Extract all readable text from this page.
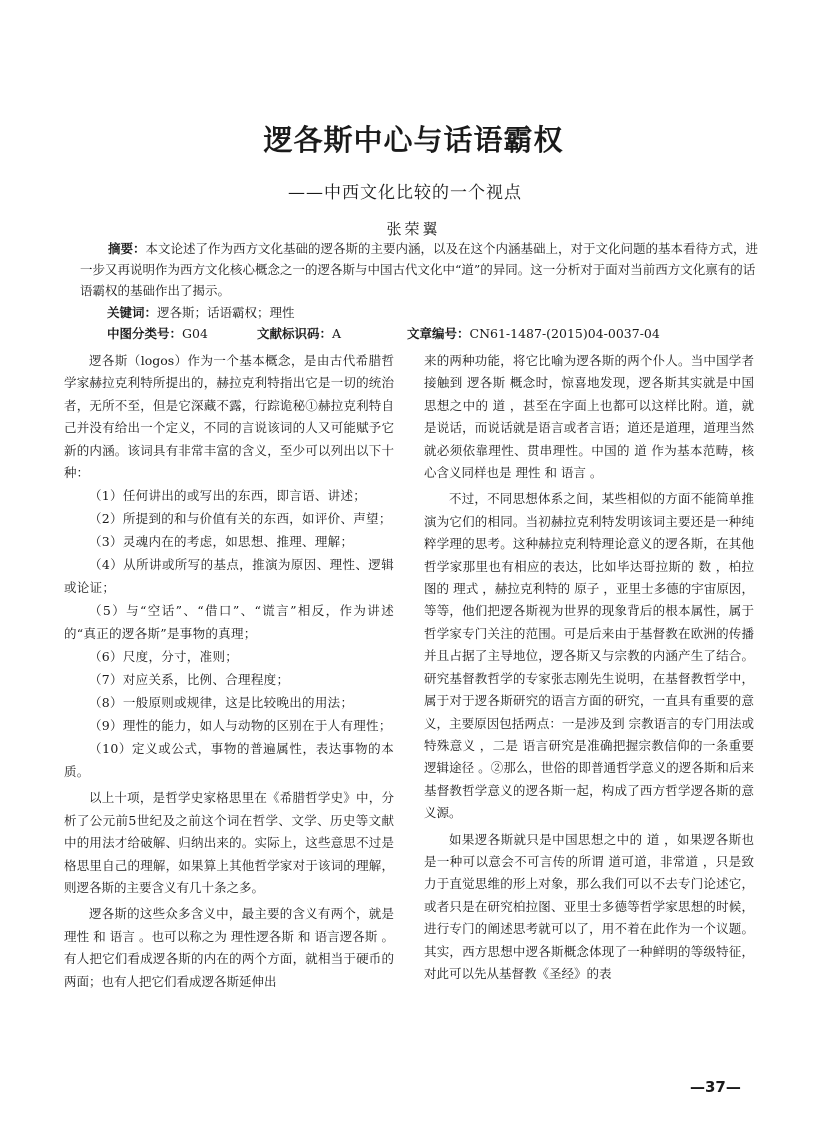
逻各斯中心与话语霸权
——中西文化比较的一个视点
张荣翼

摘要：本文论述了作为西方文化基础的逻各斯的主要内涵，以及在这个内涵基础上，对于文化问题的基本看待方式，进一步又再说明作为西方文化核心概念之一的逻各斯与中国古代文化中“道”的异同。这一分析对于面对当前西方文化禀有的话语霸权的基础作出了揭示。

关键词：逻各斯；话语霸权；理性
中图分类号：G04	文献标识码：A	文章编号：CN61-1487-(2015)04-0037-04

逻各斯（logos）作为一个基本概念，是由古代希腊哲学家赫拉克利特所提出的，赫拉克利特指出它是一切的统治者，无所不至，但是它深藏不露，行踪诡秘①赫拉克利特自己并没有给出一个定义，不同的言说该词的人又可能赋予它新的内涵。该词具有非常丰富的含义，至少可以列出以下十种：

（1）任何讲出的或写出的东西，即言语、讲述；

（2）所提到的和与价值有关的东西，如评价、声望；

（3）灵魂内在的考虑，如思想、推理、理解；

（4）从所讲或所写的基点，推演为原因、理性、逻辑或论证；

（5）与“空话”、“借口”、“谎言”相反，作为讲述的“真正的逻各斯”是事物的真理；

（6）尺度，分寸，准则；

（7）对应关系，比例、合理程度；

（8）一般原则或规律，这是比较晚出的用法；

（9）理性的能力，如人与动物的区别在于人有理性；

（10）定义或公式，事物的普遍属性，表达事物的本质。

以上十项，是哲学史家格思里在《希腊哲学史》中，分析了公元前5世纪及之前这个词在哲学、文学、历史等文献中的用法才给破解、归纳出来的。实际上，这些意思不过是格思里自己的理解，如果算上其他哲学家对于该词的理解，则逻各斯的主要含义有几十条之多。

逻各斯的这些众多含义中，最主要的含义有两个，就是 理性 和 语言 。也可以称之为 理性逻各斯 和 语言逻各斯 。有人把它们看成逻各斯的内在的两个方面，就相当于硬币的两面；也有人把它们看成逻各斯延伸出

来的两种功能，将它比喻为逻各斯的两个仆人。当中国学者接触到 逻各斯 概念时，惊喜地发现，逻各斯其实就是中国思想之中的 道 ，甚至在字面上也都可以这样比附。道，就是说话，而说话就是语言或者言语；道还是道理，道理当然就必须依靠理性、贯串理性。中国的 道 作为基本范畴，核心含义同样也是 理性 和 语言 。

不过，不同思想体系之间，某些相似的方面不能简单推演为它们的相同。当初赫拉克利特发明该词主要还是一种纯粹学理的思考。这种赫拉克利特理论意义的逻各斯，在其他哲学家那里也有相应的表达，比如毕达哥拉斯的 数 ，柏拉图的 理式 ，赫拉克利特的 原子 ，亚里士多德的宇宙原因，等等，他们把逻各斯视为世界的现象背后的根本属性，属于哲学家专门关注的范围。可是后来由于基督教在欧洲的传播并且占据了主导地位，逻各斯又与宗教的内涵产生了结合。研究基督教哲学的专家张志刚先生说明，在基督教哲学中，属于对于逻各斯研究的语言方面的研究，一直具有重要的意义，主要原因包括两点：一是涉及到 宗教语言的专门用法或特殊意义 ，二是 语言研究是准确把握宗教信仰的一条重要逻辑途径 。②那么，世俗的即普通哲学意义的逻各斯和后来基督教哲学意义的逻各斯一起，构成了西方哲学逻各斯的意义源。

如果逻各斯就只是中国思想之中的 道 ，如果逻各斯也是一种可以意会不可言传的所谓 道可道，非常道 ，只是致力于直觉思维的形上对象，那么我们可以不去专门论述它，或者只是在研究柏拉图、亚里士多德等哲学家思想的时候，进行专门的阐述思考就可以了，用不着在此作为一个议题。其实，西方思想中逻各斯概念体现了一种鲜明的等级特征，对此可以先从基督教《圣经》的表

—37—
